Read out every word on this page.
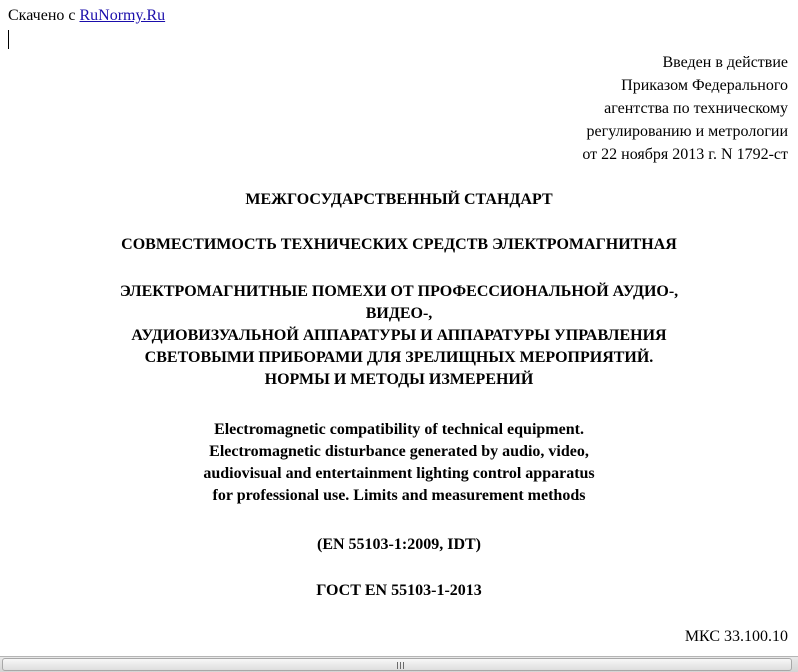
Скачено с RuNormy.Ru
Введен в действие
Приказом Федерального
агентства по техническому
регулированию и метрологии
от 22 ноября 2013 г. N 1792-ст
МЕЖГОСУДАРСТВЕННЫЙ СТАНДАРТ
СОВМЕСТИМОСТЬ ТЕХНИЧЕСКИХ СРЕДСТВ ЭЛЕКТРОМАГНИТНАЯ
ЭЛЕКТРОМАГНИТНЫЕ ПОМЕХИ ОТ ПРОФЕССИОНАЛЬНОЙ АУДИО-,
ВИДЕО-,
АУДИОВИЗУАЛЬНОЙ АППАРАТУРЫ И АППАРАТУРЫ УПРАВЛЕНИЯ
СВЕТОВЫМИ ПРИБОРАМИ ДЛЯ ЗРЕЛИЩНЫХ МЕРОПРИЯТИЙ.
НОРМЫ И МЕТОДЫ ИЗМЕРЕНИЙ
Electromagnetic compatibility of technical equipment.
Electromagnetic disturbance generated by audio, video,
audiovisual and entertainment lighting control apparatus
for professional use. Limits and measurement methods
(EN 55103-1:2009, IDT)
ГОСТ EN 55103-1-2013
МКС 33.100.10
